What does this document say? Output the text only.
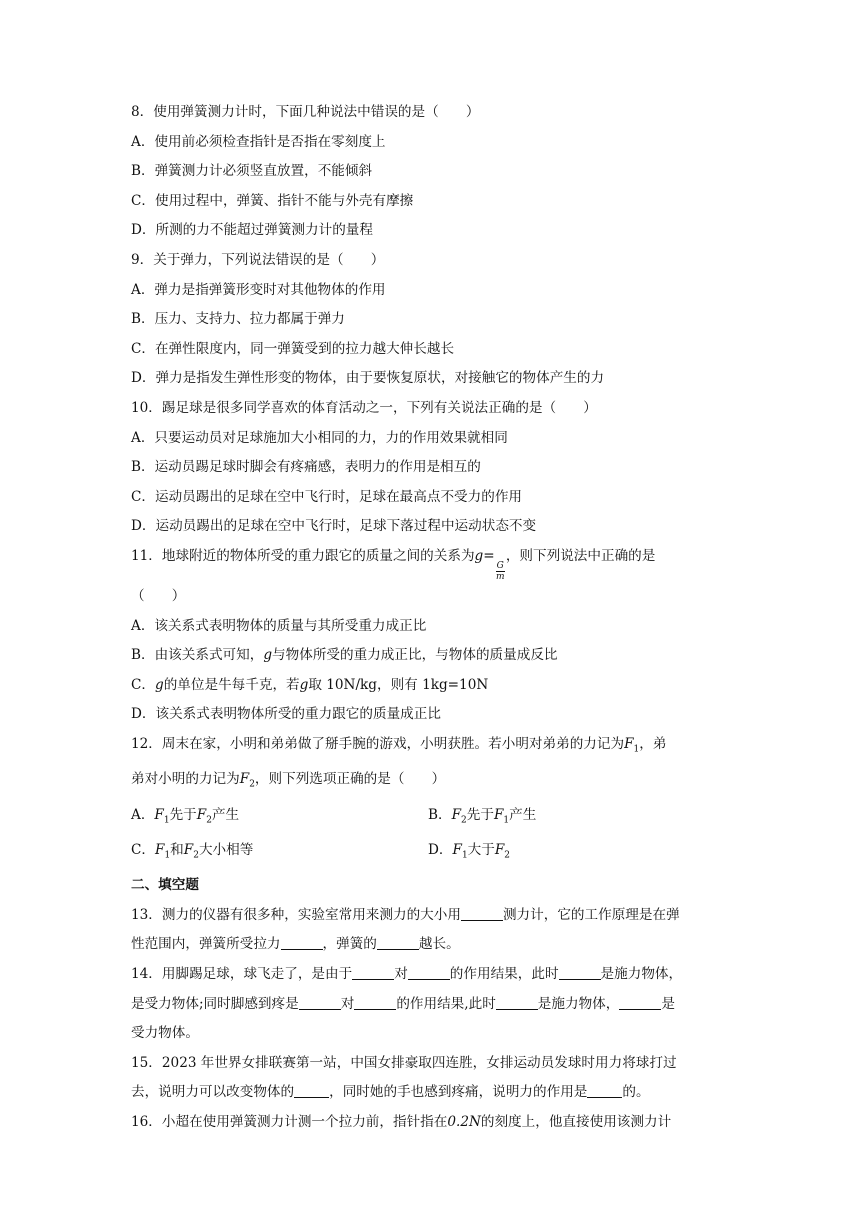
8．使用弹簧测力计时，下面几种说法中错误的是（　　）
A．使用前必须检查指针是否指在零刻度上
B．弹簧测力计必须竖直放置，不能倾斜
C．使用过程中，弹簧、指针不能与外壳有摩擦
D．所测的力不能超过弹簧测力计的量程
9．关于弹力，下列说法错误的是（　　）
A．弹力是指弹簧形变时对其他物体的作用
B．压力、支持力、拉力都属于弹力
C．在弹性限度内，同一弹簧受到的拉力越大伸长越长
D．弹力是指发生弹性形变的物体，由于要恢复原状，对接触它的物体产生的力
10．踢足球是很多同学喜欢的体育活动之一，下列有关说法正确的是（　　）
A．只要运动员对足球施加大小相同的力，力的作用效果就相同
B．运动员踢足球时脚会有疼痛感，表明力的作用是相互的
C．运动员踢出的足球在空中飞行时，足球在最高点不受力的作用
D．运动员踢出的足球在空中飞行时，足球下落过程中运动状态不变
11．地球附近的物体所受的重力跟它的质量之间的关系为g=
$\frac{G}{m}$
，则下列说法中正确的是
（　　）
A．该关系式表明物体的质量与其所受重力成正比
B．由该关系式可知，g与物体所受的重力成正比，与物体的质量成反比
C．g的单位是牛每千克，若g取 10N/kg，则有 1kg=10N
D．该关系式表明物体所受的重力跟它的质量成正比
12．周末在家，小明和弟弟做了掰手腕的游戏，小明获胜。若小明对弟弟的力记为$F_1$，弟
弟对小明的力记为$F_2$，则下列选项正确的是（　　）
A．$F_1$先于$F_2$产生	B．$F_2$先于$F_1$产生
C．$F_1$和$F_2$大小相等	D．$F_1$大于$F_2$
二、填空题
13．测力的仪器有很多种，实验室常用来测力的大小用	测力计，它的工作原理是在弹
性范围内，弹簧所受拉力	，弹簧的	越长。
14．用脚踢足球，球飞走了，是由于	对	的作用结果，此时	是施力物体，
是受力物体;同时脚感到疼是	对	的作用结果,此时	是施力物体，	是
受力物体。
15．2023 年世界女排联赛第一站，中国女排豪取四连胜，女排运动员发球时用力将球打过
去，说明力可以改变物体的	，同时她的手也感到疼痛，说明力的作用是	的。
16．小超在使用弹簧测力计测一个拉力前，指针指在0.2N的刻度上，他直接使用该测力计
